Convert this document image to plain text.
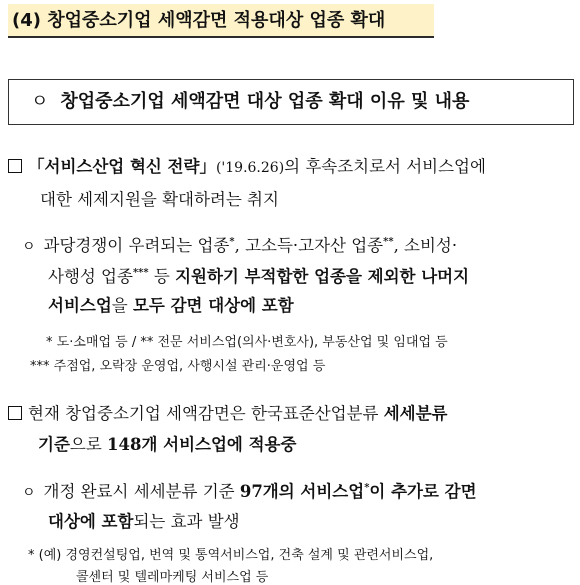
(4) 창업중소기업 세액감면 적용대상 업종 확대
ㅇ 창업중소기업 세액감면 대상 업종 확대 이유 및 내용
「서비스산업 혁신 전략」('19.6.26)의 후속조치로서 서비스업에
대한 세제지원을 확대하려는 취지
ㅇ 과당경쟁이 우려되는 업종*, 고소득·고자산 업종**, 소비성·
사행성 업종*** 등 지원하기 부적합한 업종을 제외한 나머지
서비스업을 모두 감면 대상에 포함
* 도·소매업 등 / ** 전문 서비스업(의사·변호사), 부동산업 및 임대업 등
*** 주점업, 오락장 운영업, 사행시설 관리·운영업 등
현재 창업중소기업 세액감면은 한국표준산업분류 세세분류
기준으로 148개 서비스업에 적용중
ㅇ 개정 완료시 세세분류 기준 97개의 서비스업*이 추가로 감면
대상에 포함되는 효과 발생
* (예) 경영컨설팅업, 번역 및 통역서비스업, 건축 설계 및 관련서비스업,
콜센터 및 텔레마케팅 서비스업 등
